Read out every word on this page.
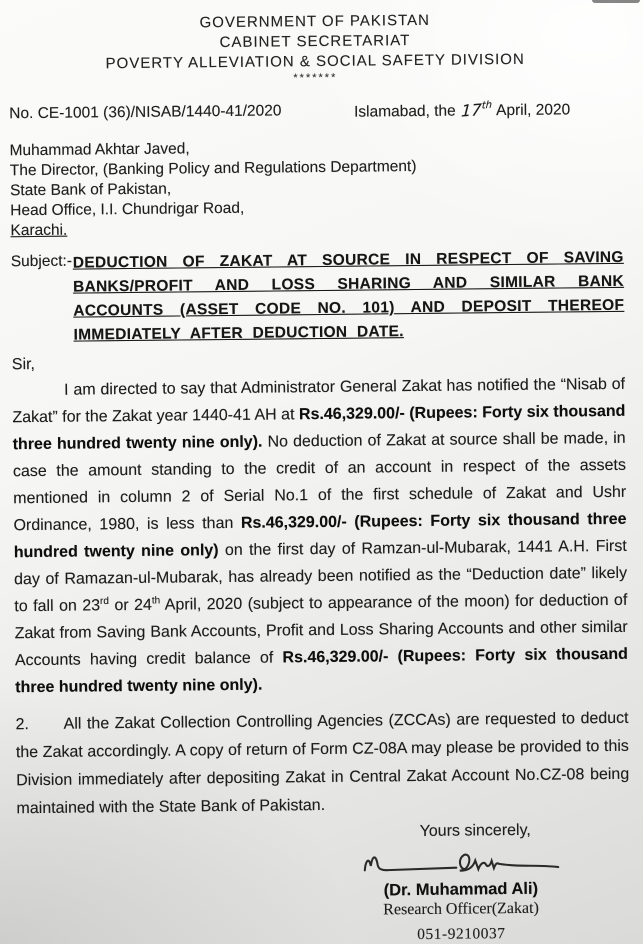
GOVERNMENT OF PAKISTAN
CABINET SECRETARIAT
POVERTY ALLEVIATION & SOCIAL SAFETY DIVISION
*******
No. CE-1001 (36)/NISAB/1440-41/2020	Islamabad, the 17th April, 2020
Muhammad Akhtar Javed,
The Director, (Banking Policy and Regulations Department)
State Bank of Pakistan,
Head Office, I.I. Chundrigar Road,
Karachi.
Subject:- DEDUCTION OF ZAKAT AT SOURCE IN RESPECT OF SAVING BANKS/PROFIT AND LOSS SHARING AND SIMILAR BANK ACCOUNTS (ASSET CODE NO. 101) AND DEPOSIT THEREOF IMMEDIATELY AFTER DEDUCTION DATE.
Sir,

I am directed to say that Administrator General Zakat has notified the “Nisab of Zakat” for the Zakat year 1440-41 AH at Rs.46,329.00/- (Rupees: Forty six thousand three hundred twenty nine only). No deduction of Zakat at source shall be made, in case the amount standing to the credit of an account in respect of the assets mentioned in column 2 of Serial No.1 of the first schedule of Zakat and Ushr Ordinance, 1980, is less than Rs.46,329.00/- (Rupees: Forty six thousand three hundred twenty nine only) on the first day of Ramzan-ul-Mubarak, 1441 A.H. First day of Ramazan-ul-Mubarak, has already been notified as the “Deduction date” likely to fall on 23rd or 24th April, 2020 (subject to appearance of the moon) for deduction of Zakat from Saving Bank Accounts, Profit and Loss Sharing Accounts and other similar Accounts having credit balance of Rs.46,329.00/- (Rupees: Forty six thousand three hundred twenty nine only).

2. All the Zakat Collection Controlling Agencies (ZCCAs) are requested to deduct the Zakat accordingly. A copy of return of Form CZ-08A may please be provided to this Division immediately after depositing Zakat in Central Zakat Account No.CZ-08 being maintained with the State Bank of Pakistan.

Yours sincerely,
(Dr. Muhammad Ali)
Research Officer(Zakat)
051-9210037
